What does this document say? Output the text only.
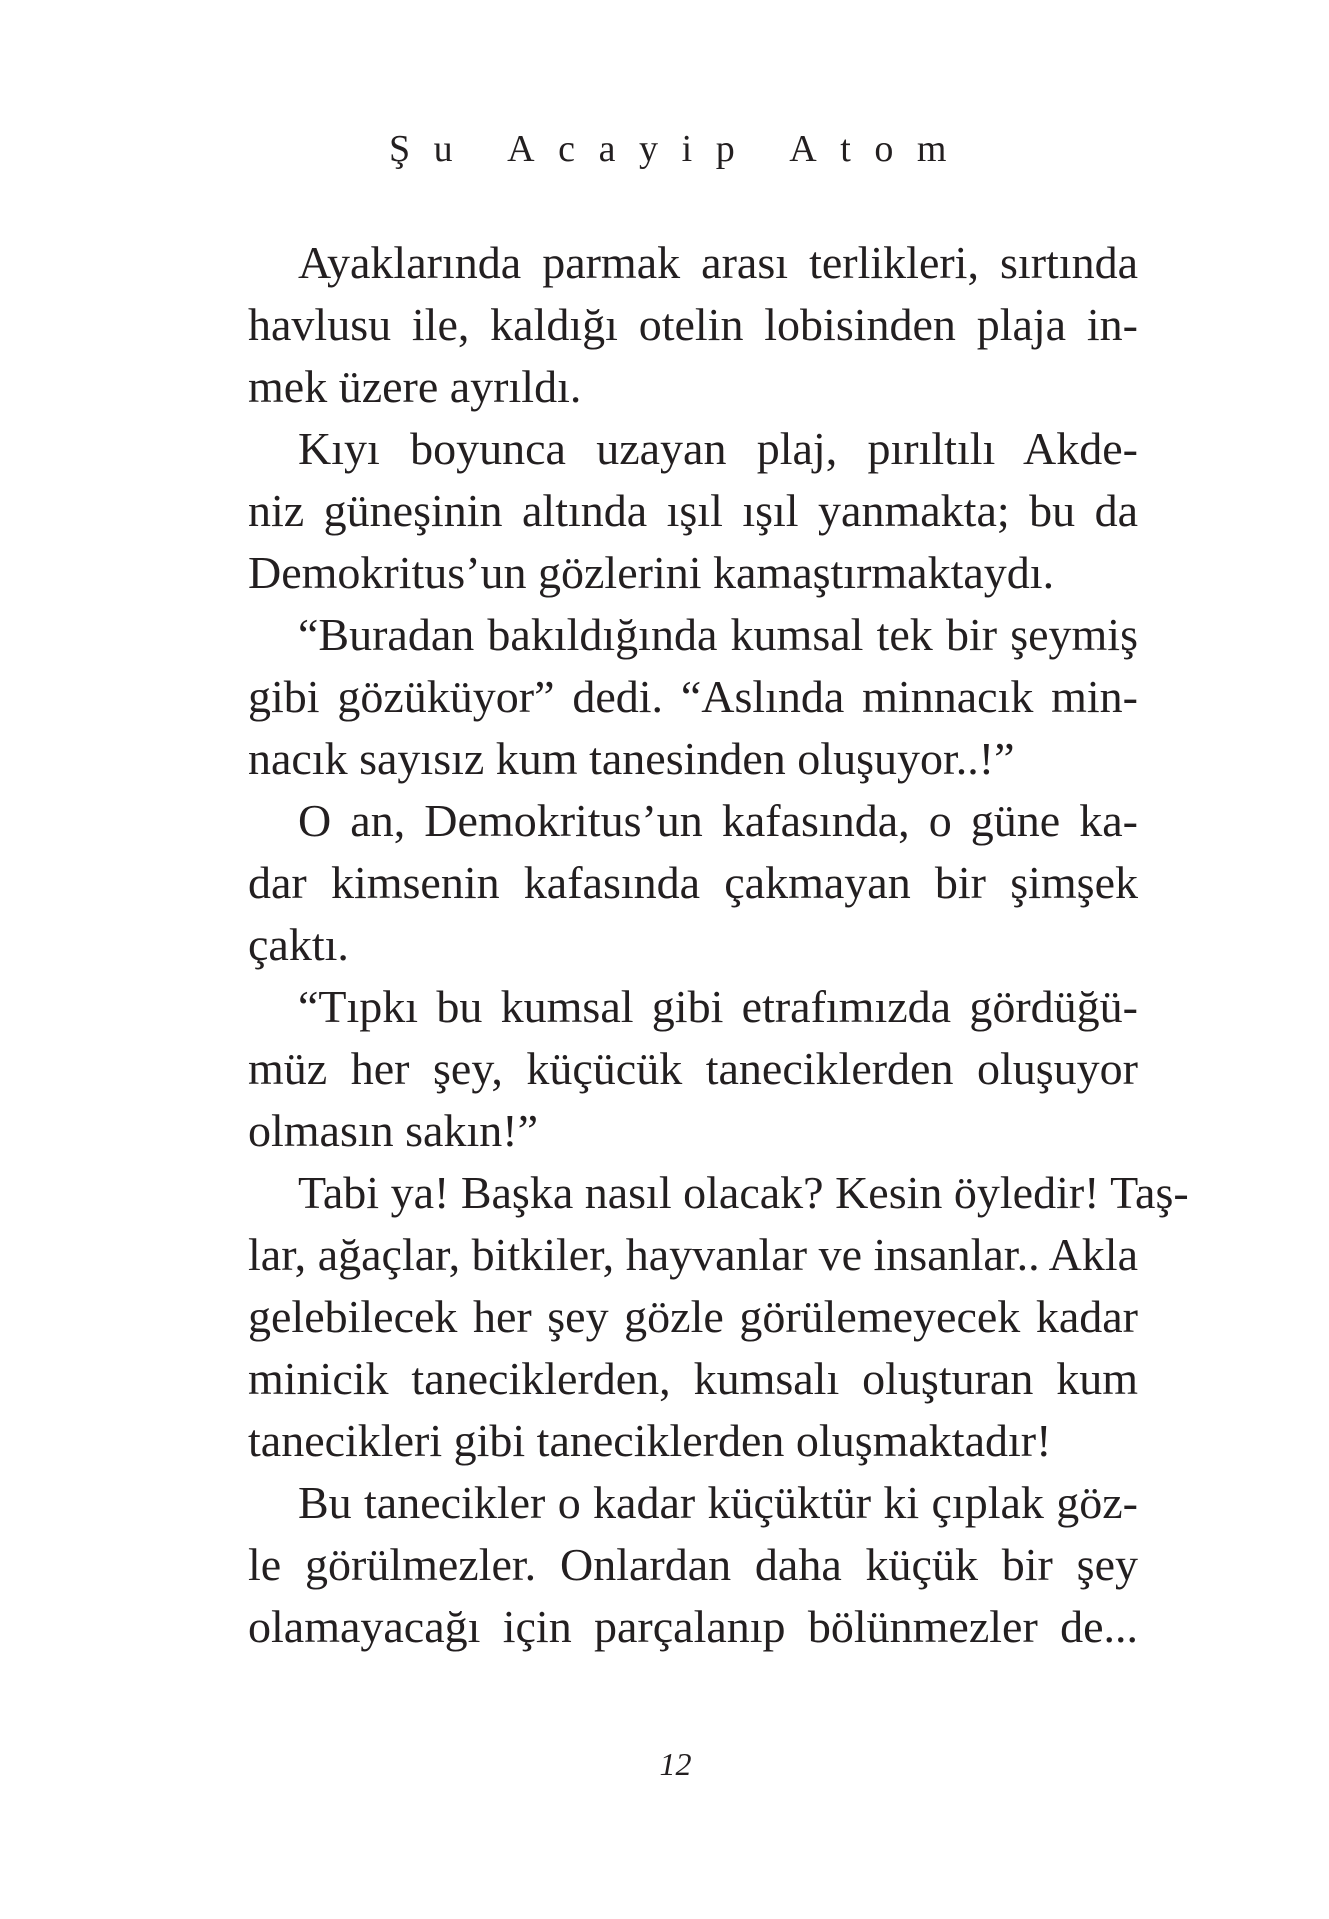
Şu Acayip Atom
Ayaklarında parmak arası terlikleri, sırtında
havlusu ile, kaldığı otelin lobisinden plaja in-
mek üzere ayrıldı.
Kıyı boyunca uzayan plaj, pırıltılı Akde-
niz güneşinin altında ışıl ışıl yanmakta; bu da
Demokritus’un gözlerini kamaştırmaktaydı.
“Buradan bakıldığında kumsal tek bir şeymiş
gibi gözüküyor” dedi. “Aslında minnacık min-
nacık sayısız kum tanesinden oluşuyor..!”
O an, Demokritus’un kafasında, o güne ka-
dar kimsenin kafasında çakmayan bir şimşek
çaktı.
“Tıpkı bu kumsal gibi etrafımızda gördüğü-
müz her şey, küçücük taneciklerden oluşuyor
olmasın sakın!”
Tabi ya! Başka nasıl olacak? Kesin öyledir! Taş-
lar, ağaçlar, bitkiler, hayvanlar ve insanlar.. Akla
gelebilecek her şey gözle görülemeyecek kadar
minicik taneciklerden, kumsalı oluşturan kum
tanecikleri gibi taneciklerden oluşmaktadır!
Bu tanecikler o kadar küçüktür ki çıplak göz-
le görülmezler. Onlardan daha küçük bir şey
olamayacağı için parçalanıp bölünmezler de...
12
